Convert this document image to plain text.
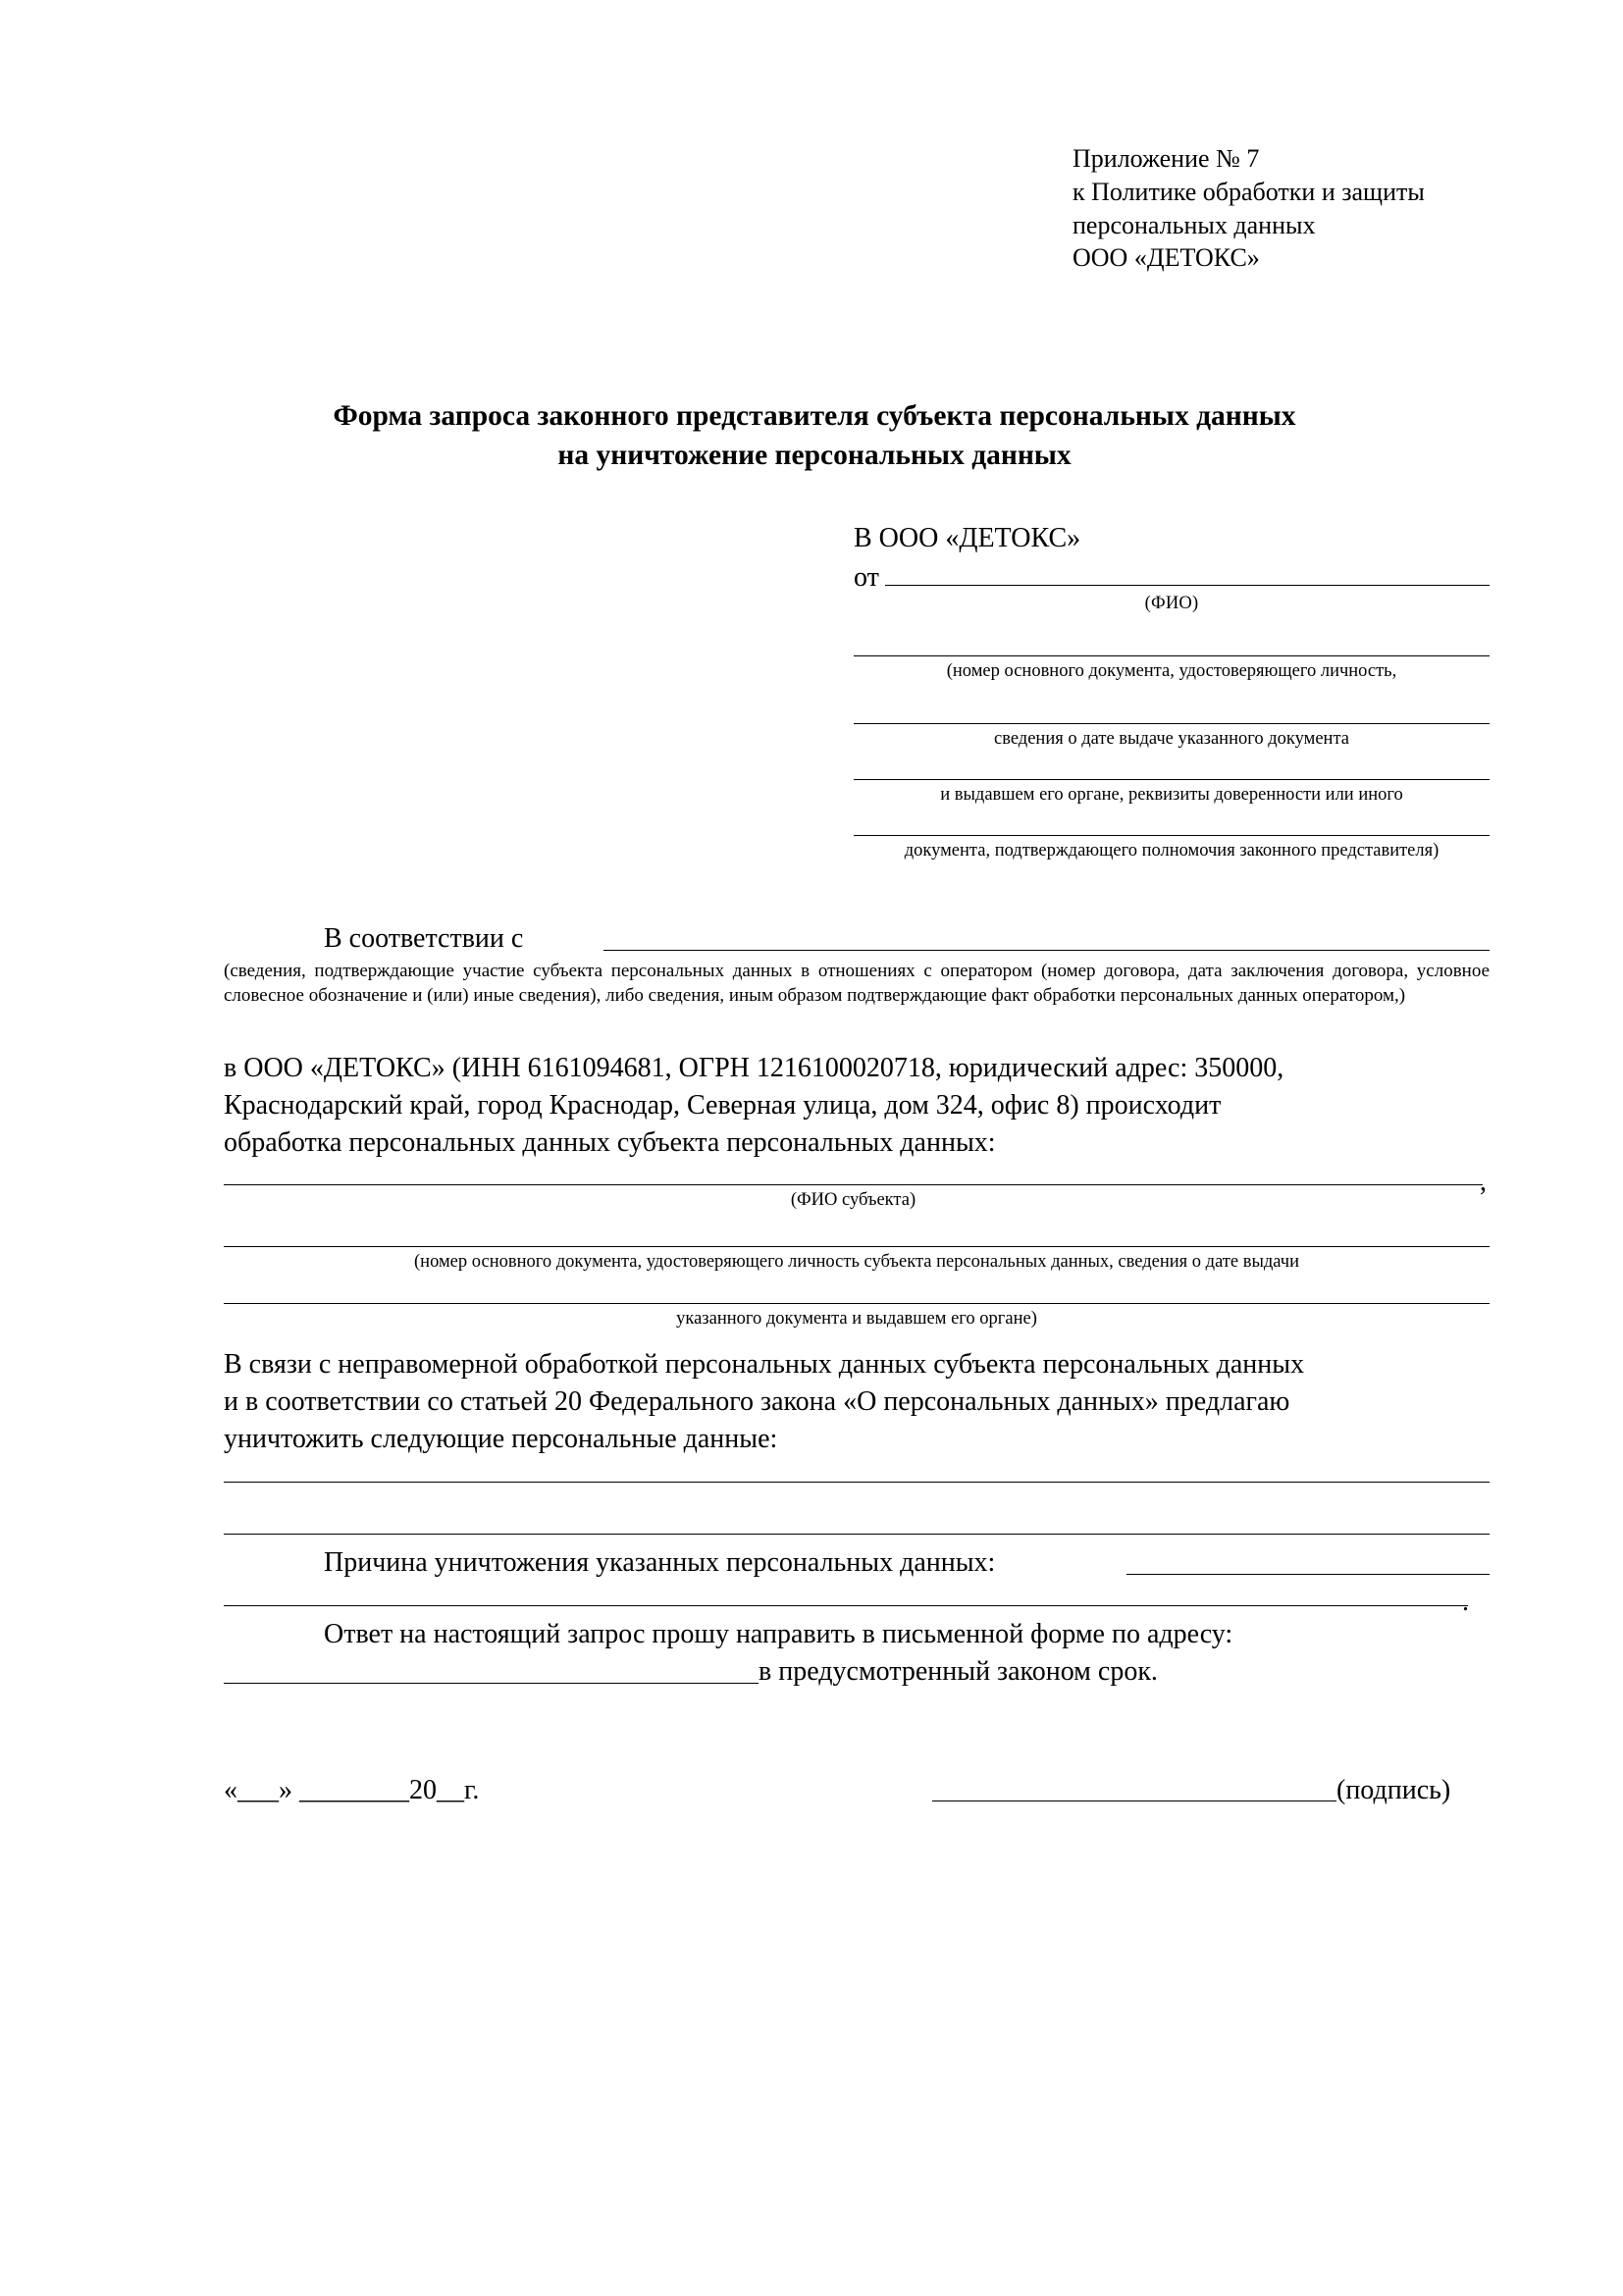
Приложение № 7
к Политике обработки и защиты
персональных данных
ООО «ДЕТОКС»
Форма запроса законного представителя субъекта персональных данных
на уничтожение персональных данных
В ООО «ДЕТОКС»
от
(ФИО)
(номер основного документа, удостоверяющего личность,
сведения о дате выдаче указанного документа
и выдавшем его органе, реквизиты доверенности или иного
документа, подтверждающего полномочия законного представителя)
В соответствии с
(сведения, подтверждающие участие субъекта персональных данных в отношениях с оператором (номер договора, дата заключения договора, условное словесное обозначение и (или) иные сведения), либо сведения, иным образом подтверждающие факт обработки персональных данных оператором,)
в ООО «ДЕТОКС» (ИНН 6161094681, ОГРН 1216100020718, юридический адрес: 350000,
Краснодарский край, город Краснодар, Северная улица, дом 324, офис 8) происходит
обработка персональных данных субъекта персональных данных:
,
(ФИО субъекта)
(номер основного документа, удостоверяющего личность субъекта персональных данных, сведения о дате выдачи
указанного документа и выдавшем его органе)
В связи с неправомерной обработкой персональных данных субъекта персональных данных
и в соответствии со статьей 20 Федерального закона «О персональных данных» предлагаю
уничтожить следующие персональные данные:
Причина уничтожения указанных персональных данных:
.
Ответ на настоящий запрос прошу направить в письменной форме по адресу:
в предусмотренный законом срок.
«___» ________20__г.	(подпись)
